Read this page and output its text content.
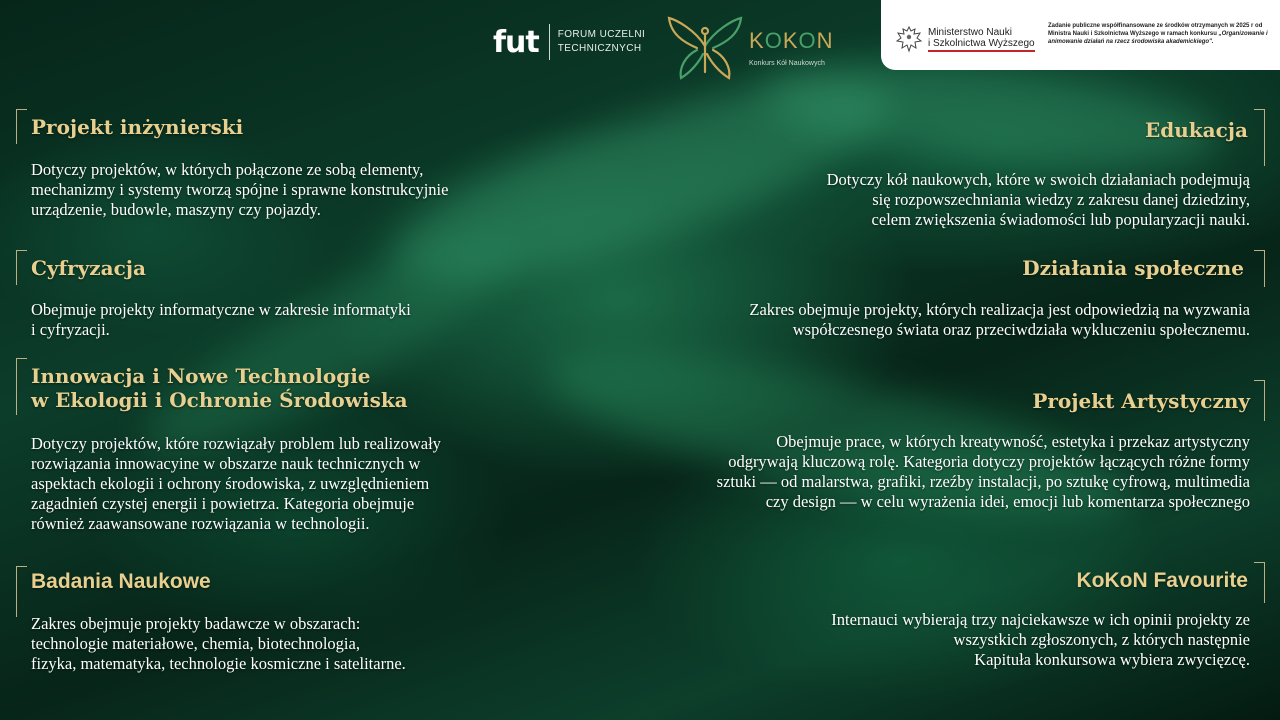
fut FORUM UCZELNI
TECHNICZNYCH	KOKON
Konkurs Kół Naukowych
Ministerstwo Nauki
i Szkolnictwa Wyższego
Zadanie publiczne współfinansowane ze środków otrzymanych w 2025 r od Ministra Nauki i Szkolnictwa Wyższego w ramach konkursu „Organizowanie i animowanie działań na rzecz środowiska akademickiego".
Projekt inżynierski
Dotyczy projektów, w których połączone ze sobą elementy,
mechanizmy i systemy tworzą spójne i sprawne konstrukcyjnie
urządzenie, budowle, maszyny czy pojazdy.
Cyfryzacja
Obejmuje projekty informatyczne w zakresie informatyki
i cyfryzacji.
Innowacja i Nowe Technologie
w Ekologii i Ochronie Środowiska
Dotyczy projektów, które rozwiązały problem lub realizowały
rozwiązania innowacyine w obszarze nauk technicznych w
aspektach ekologii i ochrony środowiska, z uwzględnieniem
zagadnień czystej energii i powietrza. Kategoria obejmuje
również zaawansowane rozwiązania w technologii.
Badania Naukowe
Zakres obejmuje projekty badawcze w obszarach:
technologie materiałowe, chemia, biotechnologia,
fizyka, matematyka, technologie kosmiczne i satelitarne.
Edukacja
Dotyczy kół naukowych, które w swoich działaniach podejmują
się rozpowszechniania wiedzy z zakresu danej dziedziny,
celem zwiększenia świadomości lub popularyzacji nauki.
Działania społeczne
Zakres obejmuje projekty, których realizacja jest odpowiedzią na wyzwania
współczesnego świata oraz przeciwdziała wykluczeniu społecznemu.
Projekt Artystyczny
Obejmuje prace, w których kreatywność, estetyka i przekaz artystyczny
odgrywają kluczową rolę. Kategoria dotyczy projektów łączących różne formy
sztuki — od malarstwa, grafiki, rzeźby instalacji, po sztukę cyfrową, multimedia
czy design — w celu wyrażenia idei, emocji lub komentarza społecznego
KoKoN Favourite
Internauci wybierają trzy najciekawsze w ich opinii projekty ze
wszystkich zgłoszonych, z których następnie
Kapituła konkursowa wybiera zwycięzcę.
